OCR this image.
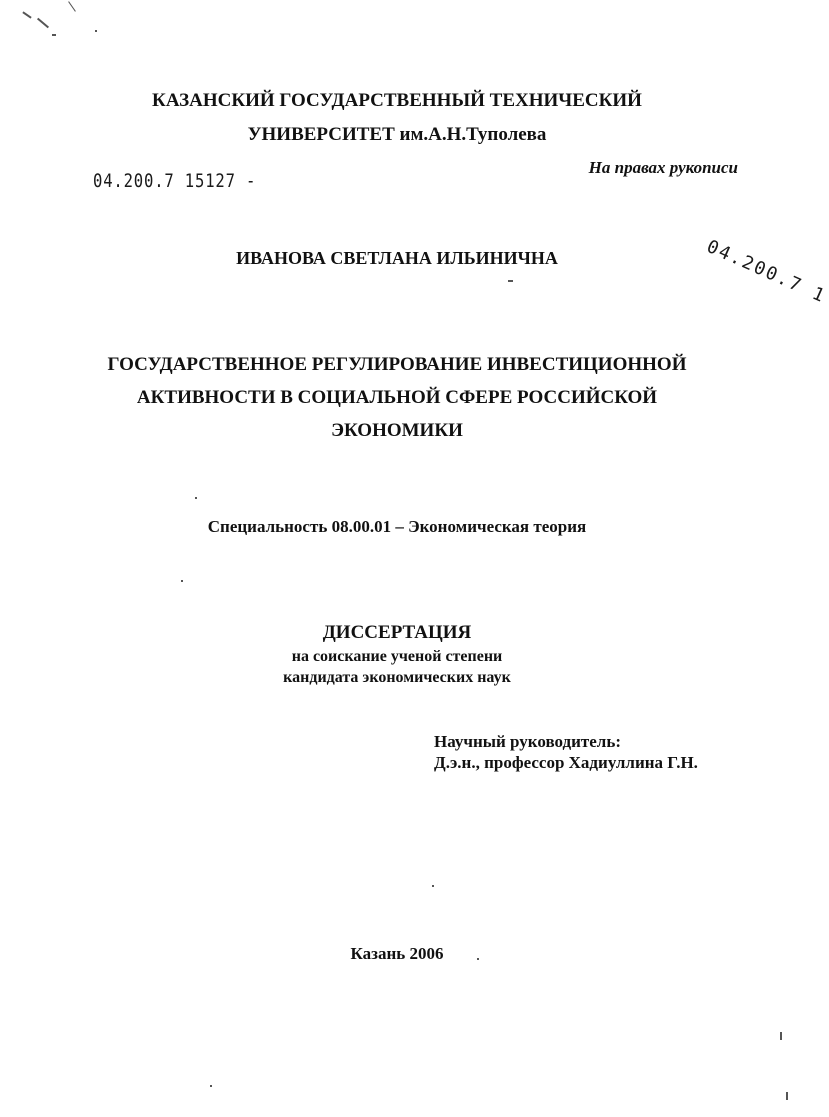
КАЗАНСКИЙ ГОСУДАРСТВЕННЫЙ ТЕХНИЧЕСКИЙ

УНИВЕРСИТЕТ им.А.Н.Туполева

На правах рукописи

04.200.7 15127 -

04.200.7 1

ИВАНОВА СВЕТЛАНА ИЛЬИНИЧНА

ГОСУДАРСТВЕННОЕ РЕГУЛИРОВАНИЕ ИНВЕСТИЦИОННОЙ

АКТИВНОСТИ В СОЦИАЛЬНОЙ СФЕРЕ РОССИЙСКОЙ

ЭКОНОМИКИ

Специальность 08.00.01 – Экономическая теория

ДИССЕРТАЦИЯ

на соискание ученой степени

кандидата экономических наук

Научный руководитель:

Д.э.н., профессор Хадиуллина Г.Н.

Казань 2006
